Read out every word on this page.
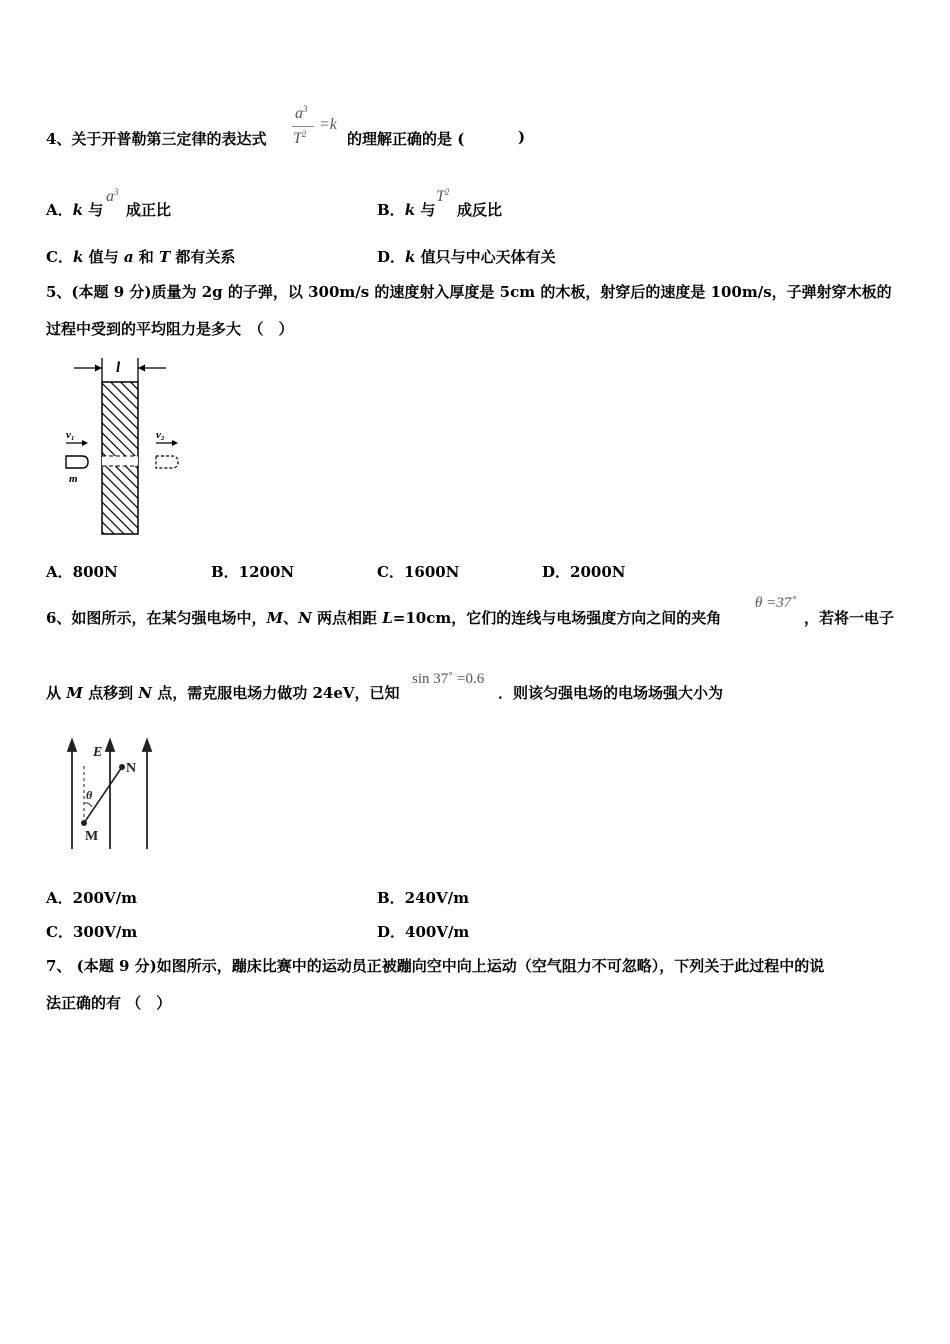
4、关于开普勒第三定律的表达式
$a^3$
$T^2$
=k
的理解正确的是 (	)
A．k 与
$a^3$
成正比	B．k 与
$T^2$
成反比
C．k 值与 a 和 T 都有关系	D．k 值只与中心天体有关
5、(本题 9 分)质量为 2g 的子弹，以 300m/s 的速度射入厚度是 5cm 的木板，射穿后的速度是 100m/s，子弹射穿木板的
过程中受到的平均阻力是多大　（　）
l
v₁
m
v₂
A．800N	B．1200N	C．1600N	D．2000N
6、如图所示，在某匀强电场中，M、N 两点相距 L=10cm，它们的连线与电场强度方向之间的夹角
θ =37˚
，若将一电子
从 M 点移到 N 点，需克服电场力做功 24eV，已知
sin 37˚ =0.6
．则该匀强电场的电场场强大小为
E
N
M
θ
A．200V/m	B．240V/m
C．300V/m	D．400V/m
7、 (本题 9 分)如图所示，蹦床比赛中的运动员正被蹦向空中向上运动（空气阻力不可忽略），下列关于此过程中的说
法正确的有 （　）
